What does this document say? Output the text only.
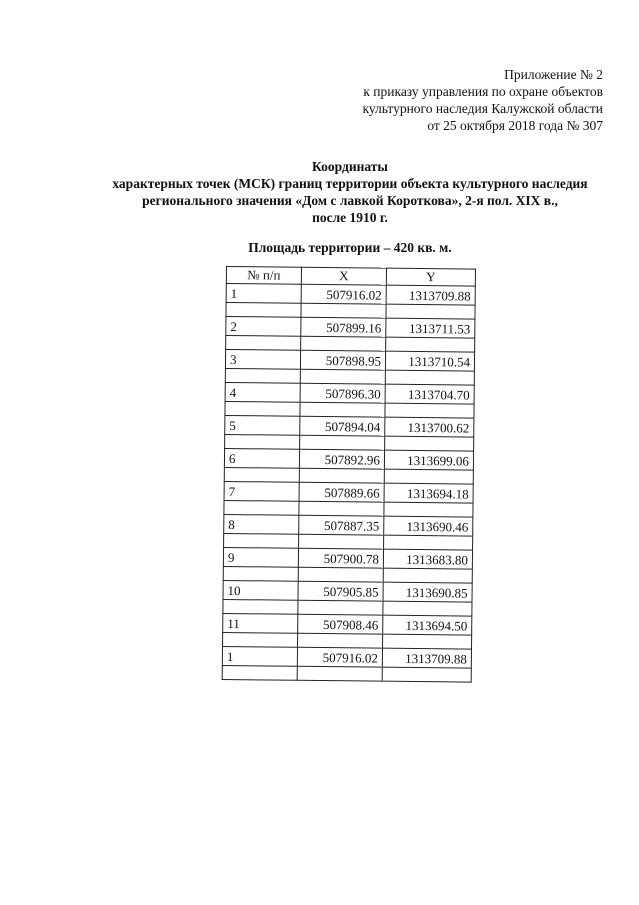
Приложение № 2
к приказу управления по охране объектов
культурного наследия Калужской области
от 25 октября 2018 года № 307
Координаты
характерных точек (МСК) границ территории объекта культурного наследия
регионального значения «Дом с лавкой Короткова», 2-я пол. XIX в.,
после 1910 г.
Площадь территории – 420 кв. м.
№ п/п	X	Y
1	507916.02	1313709.88

2	507899.16	1313711.53

3	507898.95	1313710.54

4	507896.30	1313704.70

5	507894.04	1313700.62

6	507892.96	1313699.06

7	507889.66	1313694.18

8	507887.35	1313690.46

9	507900.78	1313683.80

10	507905.85	1313690.85

11	507908.46	1313694.50

1	507916.02	1313709.88
